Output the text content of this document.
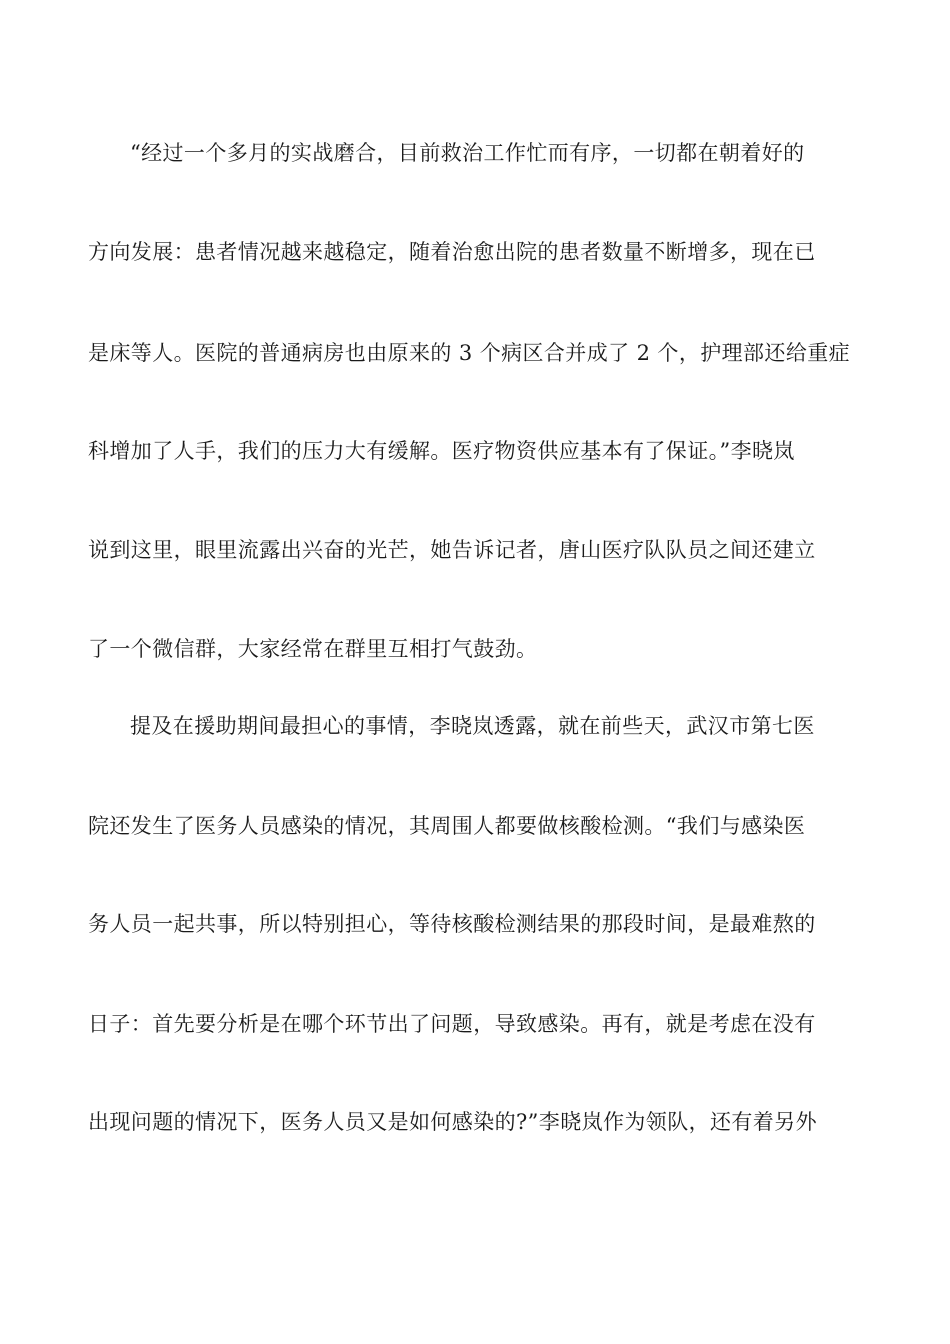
“经过一个多月的实战磨合，目前救治工作忙而有序，一切都在朝着好的
方向发展：患者情况越来越稳定，随着治愈出院的患者数量不断增多，现在已
是床等人。医院的普通病房也由原来的 3 个病区合并成了 2 个，护理部还给重症
科增加了人手，我们的压力大有缓解。医疗物资供应基本有了保证。”李晓岚
说到这里，眼里流露出兴奋的光芒，她告诉记者，唐山医疗队队员之间还建立
了一个微信群，大家经常在群里互相打气鼓劲。
提及在援助期间最担心的事情，李晓岚透露，就在前些天，武汉市第七医
院还发生了医务人员感染的情况，其周围人都要做核酸检测。“我们与感染医
务人员一起共事，所以特别担心，等待核酸检测结果的那段时间，是最难熬的
日子：首先要分析是在哪个环节出了问题，导致感染。再有，就是考虑在没有
出现问题的情况下，医务人员又是如何感染的?”李晓岚作为领队，还有着另外
